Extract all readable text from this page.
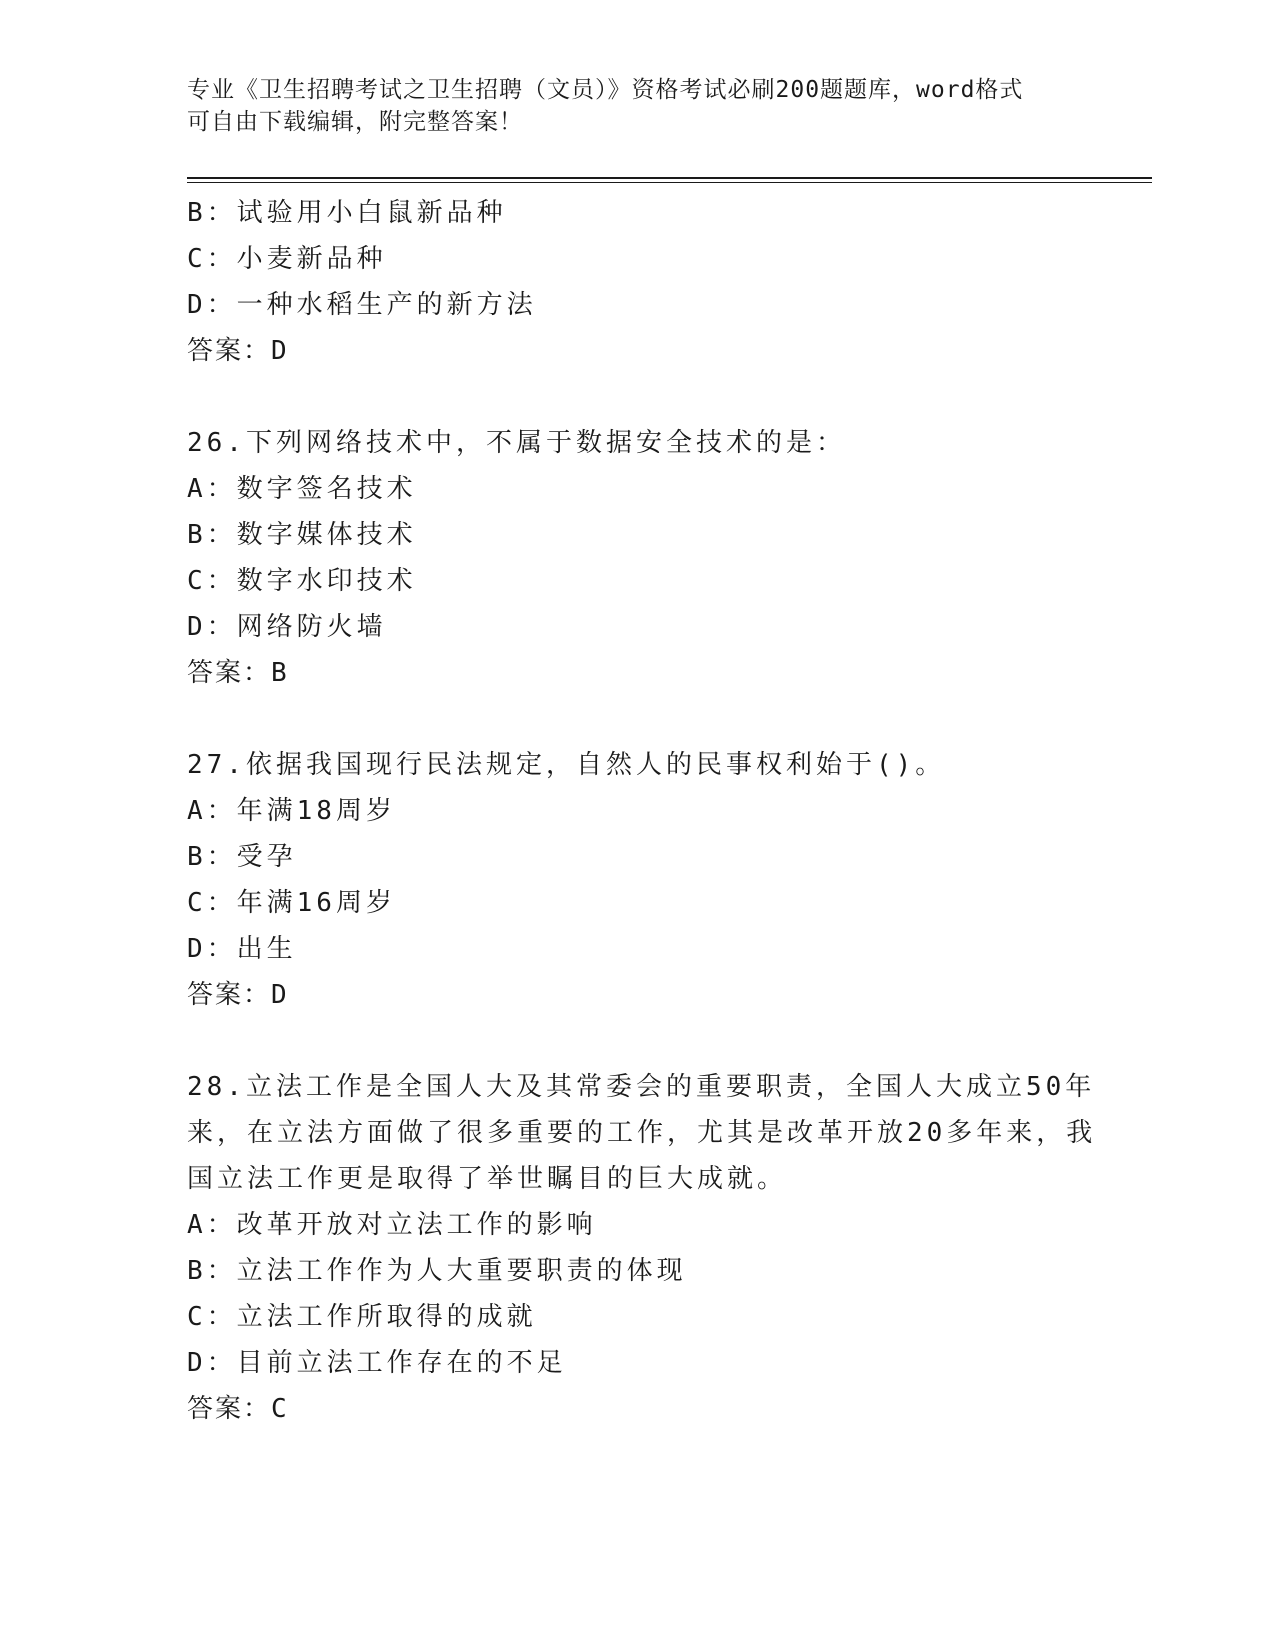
专业《卫生招聘考试之卫生招聘（文员）》资格考试必刷200题题库，word格式
可自由下载编辑，附完整答案！
B：试验用小白鼠新品种
C：小麦新品种
D：一种水稻生产的新方法
答案：D
26.下列网络技术中，不属于数据安全技术的是：
A：数字签名技术
B：数字媒体技术
C：数字水印技术
D：网络防火墙
答案：B
27.依据我国现行民法规定，自然人的民事权利始于()。
A：年满18周岁
B：受孕
C：年满16周岁
D：出生
答案：D
28.立法工作是全国人大及其常委会的重要职责，全国人大成立50年
来，在立法方面做了很多重要的工作，尤其是改革开放20多年来，我
国立法工作更是取得了举世瞩目的巨大成就。
A：改革开放对立法工作的影响
B：立法工作作为人大重要职责的体现
C：立法工作所取得的成就
D：目前立法工作存在的不足
答案：C
